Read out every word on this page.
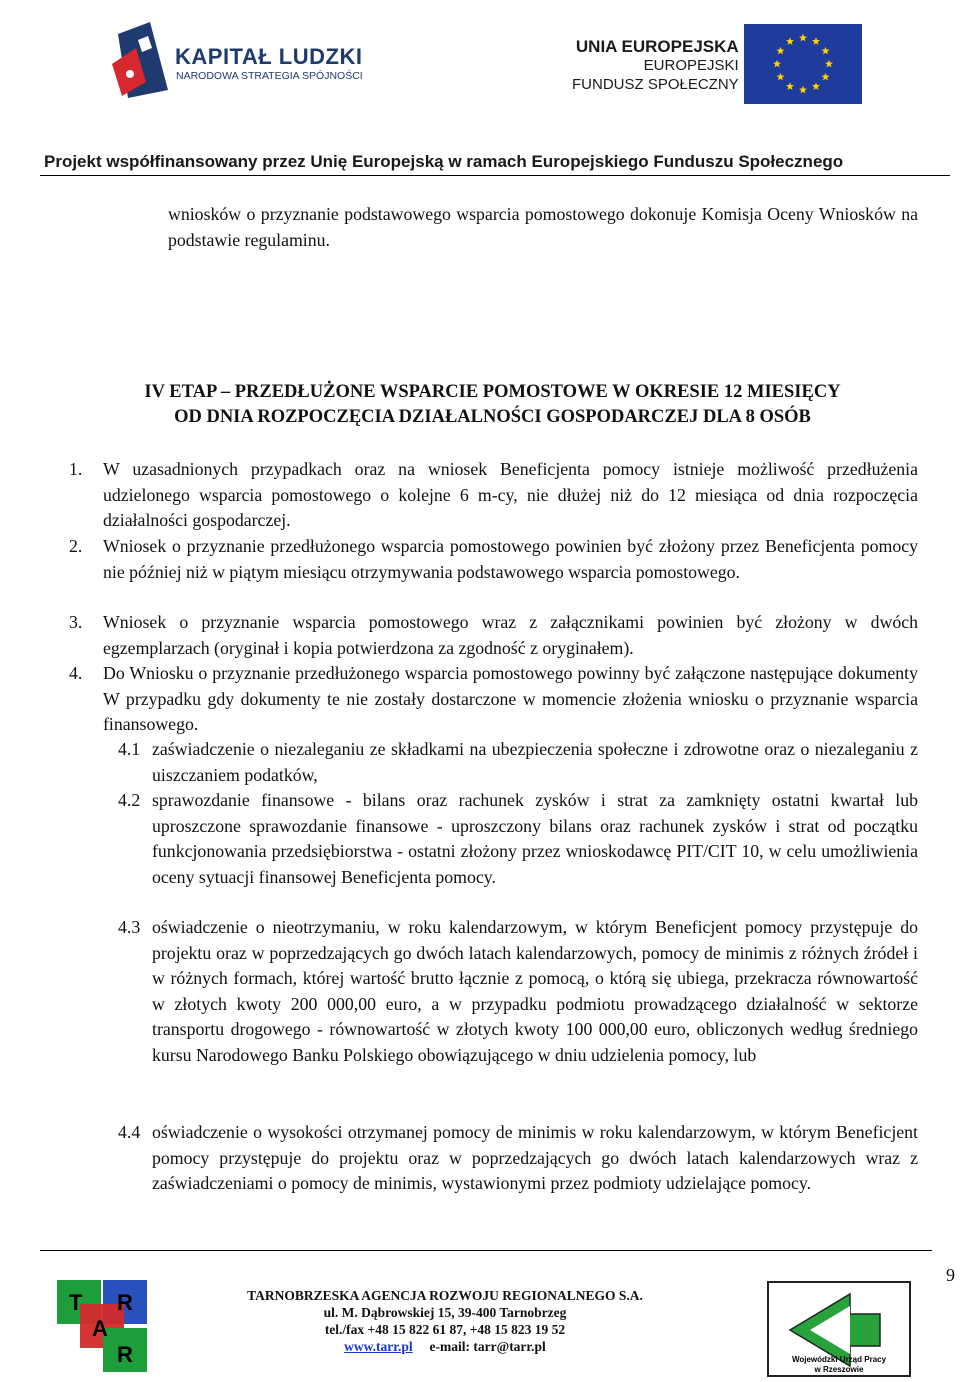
KAPITAŁ LUDZKI
NARODOWA STRATEGIA SPÓJNOŚCI
UNIA EUROPEJSKA
EUROPEJSKI
FUNDUSZ SPOŁECZNY
Projekt współfinansowany przez Unię Europejską w ramach Europejskiego Funduszu Społecznego
wniosków o przyznanie podstawowego wsparcia pomostowego dokonuje Komisja Oceny Wniosków na podstawie regulaminu.
IV ETAP – PRZEDŁUŻONE WSPARCIE POMOSTOWE W OKRESIE 12 MIESIĘCY
OD DNIA ROZPOCZĘCIA DZIAŁALNOŚCI GOSPODARCZEJ DLA 8 OSÓB
1. W uzasadnionych przypadkach oraz na wniosek Beneficjenta pomocy istnieje możliwość przedłużenia udzielonego wsparcia pomostowego o kolejne 6 m-cy, nie dłużej niż do 12 miesiąca od dnia rozpoczęcia działalności gospodarczej.
2. Wniosek o przyznanie przedłużonego wsparcia pomostowego powinien być złożony przez Beneficjenta pomocy nie później niż w piątym miesiącu otrzymywania podstawowego wsparcia pomostowego.
3. Wniosek o przyznanie wsparcia pomostowego wraz z załącznikami powinien być złożony w dwóch egzemplarzach (oryginał i kopia potwierdzona za zgodność z oryginałem).
4. Do Wniosku o przyznanie przedłużonego wsparcia pomostowego powinny być załączone następujące dokumenty W przypadku gdy dokumenty te nie zostały dostarczone w momencie złożenia wniosku o przyznanie wsparcia finansowego.
4.1 zaświadczenie o niezaleganiu ze składkami na ubezpieczenia społeczne i zdrowotne oraz o niezaleganiu z uiszczaniem podatków,
4.2 sprawozdanie finansowe - bilans oraz rachunek zysków i strat za zamknięty ostatni kwartał lub uproszczone sprawozdanie finansowe - uproszczony bilans oraz rachunek zysków i strat od początku funkcjonowania przedsiębiorstwa - ostatni złożony przez wnioskodawcę PIT/CIT 10, w celu umożliwienia oceny sytuacji finansowej Beneficjenta pomocy.
4.3 oświadczenie o nieotrzymaniu, w roku kalendarzowym, w którym Beneficjent pomocy przystępuje do projektu oraz w poprzedzających go dwóch latach kalendarzowych, pomocy de minimis z różnych źródeł i w różnych formach, której wartość brutto łącznie z pomocą, o którą się ubiega, przekracza równowartość w złotych kwoty 200 000,00 euro, a w przypadku podmiotu prowadzącego działalność w sektorze transportu drogowego - równowartość w złotych kwoty 100 000,00 euro, obliczonych według średniego kursu Narodowego Banku Polskiego obowiązującego w dniu udzielenia pomocy, lub
4.4 oświadczenie o wysokości otrzymanej pomocy de minimis w roku kalendarzowym, w którym Beneficjent pomocy przystępuje do projektu oraz w poprzedzających go dwóch latach kalendarzowych wraz z zaświadczeniami o pomocy de minimis, wystawionymi przez podmioty udzielające pomocy.
9
T R
A
R
TARNOBRZESKA AGENCJA ROZWOJU REGIONALNEGO S.A.
ul. M. Dąbrowskiej 15, 39-400 Tarnobrzeg
tel./fax +48 15 822 61 87, +48 15 823 19 52
www.tarr.pl e-mail: tarr@tarr.pl
Wojewódzki Urząd Pracy
w Rzeszowie
